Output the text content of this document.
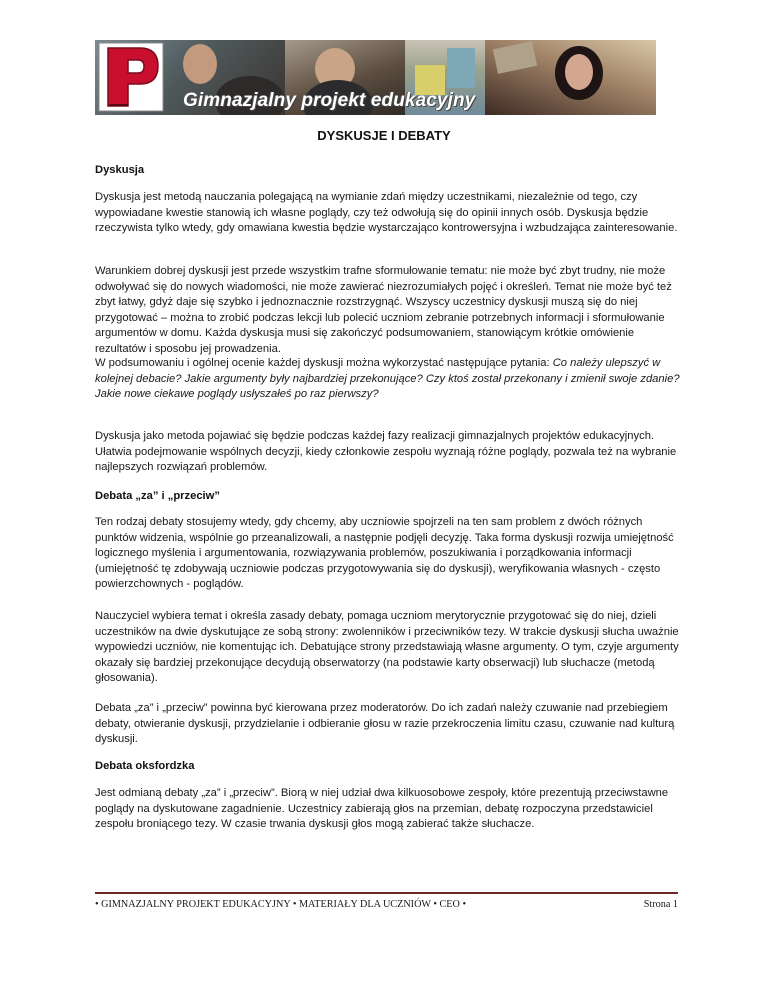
Gimnazjalny projekt edukacyjny
DYSKUSJE I DEBATY
Dyskusja
Dyskusja jest metodą nauczania polegającą na wymianie zdań między uczestnikami, niezależnie od tego, czy wypowiadane kwestie stanowią ich własne poglądy, czy też odwołują się do opinii innych osób. Dyskusja będzie rzeczywista tylko wtedy, gdy omawiana kwestia będzie wystarczająco kontrowersyjna i wzbudzająca zainteresowanie.
Warunkiem dobrej dyskusji jest przede wszystkim trafne sformułowanie tematu: nie może być zbyt trudny, nie może odwoływać się do nowych wiadomości, nie może zawierać niezrozumiałych pojęć i określeń. Temat nie może być też zbyt łatwy, gdyż daje się szybko i jednoznacznie rozstrzygnąć. Wszyscy uczestnicy dyskusji muszą się do niej przygotować – można to zrobić podczas lekcji lub polecić uczniom zebranie potrzebnych informacji i sformułowanie argumentów w domu. Każda dyskusja musi się zakończyć podsumowaniem, stanowiącym krótkie omówienie rezultatów i sposobu jej prowadzenia.
W podsumowaniu i ogólnej ocenie każdej dyskusji można wykorzystać następujące pytania: Co należy ulepszyć w kolejnej debacie? Jakie argumenty były najbardziej przekonujące? Czy ktoś został przekonany i zmienił swoje zdanie? Jakie nowe ciekawe poglądy usłyszałeś po raz pierwszy?
Dyskusja jako metoda pojawiać się będzie podczas każdej fazy realizacji gimnazjalnych projektów edukacyjnych. Ułatwia podejmowanie wspólnych decyzji, kiedy członkowie zespołu wyznają różne poglądy, pozwala też na wybranie najlepszych rozwiązań problemów.
Debata „za” i „przeciw”
Ten rodzaj debaty stosujemy wtedy, gdy chcemy, aby uczniowie spojrzeli na ten sam problem z dwóch różnych punktów widzenia, wspólnie go przeanalizowali, a następnie podjęli decyzję. Taka forma dyskusji rozwija umiejętność logicznego myślenia i argumentowania, rozwiązywania problemów, poszukiwania i porządkowania informacji (umiejętność tę zdobywają uczniowie podczas przygotowywania się do dyskusji), weryfikowania własnych - często powierzchownych - poglądów.
Nauczyciel wybiera temat i określa zasady debaty, pomaga uczniom merytorycznie przygotować się do niej, dzieli uczestników na dwie dyskutujące ze sobą strony: zwolenników i przeciwników tezy. W trakcie dyskusji słucha uważnie wypowiedzi uczniów, nie komentując ich. Debatujące strony przedstawiają własne argumenty. O tym, czyje argumenty okazały się bardziej przekonujące decydują obserwatorzy (na podstawie karty obserwacji) lub słuchacze (metodą głosowania).
Debata „za” i „przeciw” powinna być kierowana przez moderatorów. Do ich zadań należy czuwanie nad przebiegiem debaty, otwieranie dyskusji, przydzielanie i odbieranie głosu w razie przekroczenia limitu czasu, czuwanie nad kulturą dyskusji.
Debata oksfordzka
Jest odmianą debaty „za” i „przeciw”. Biorą w niej udział dwa kilkuosobowe zespoły, które prezentują przeciwstawne poglądy na dyskutowane zagadnienie. Uczestnicy zabierają głos na przemian, debatę rozpoczyna przedstawiciel zespołu broniącego tezy. W czasie trwania dyskusji głos mogą zabierać także słuchacze.
• GIMNAZJALNY PROJEKT EDUKACYJNY • MATERIAŁY DLA UCZNIÓW • CEO •	Strona 1
